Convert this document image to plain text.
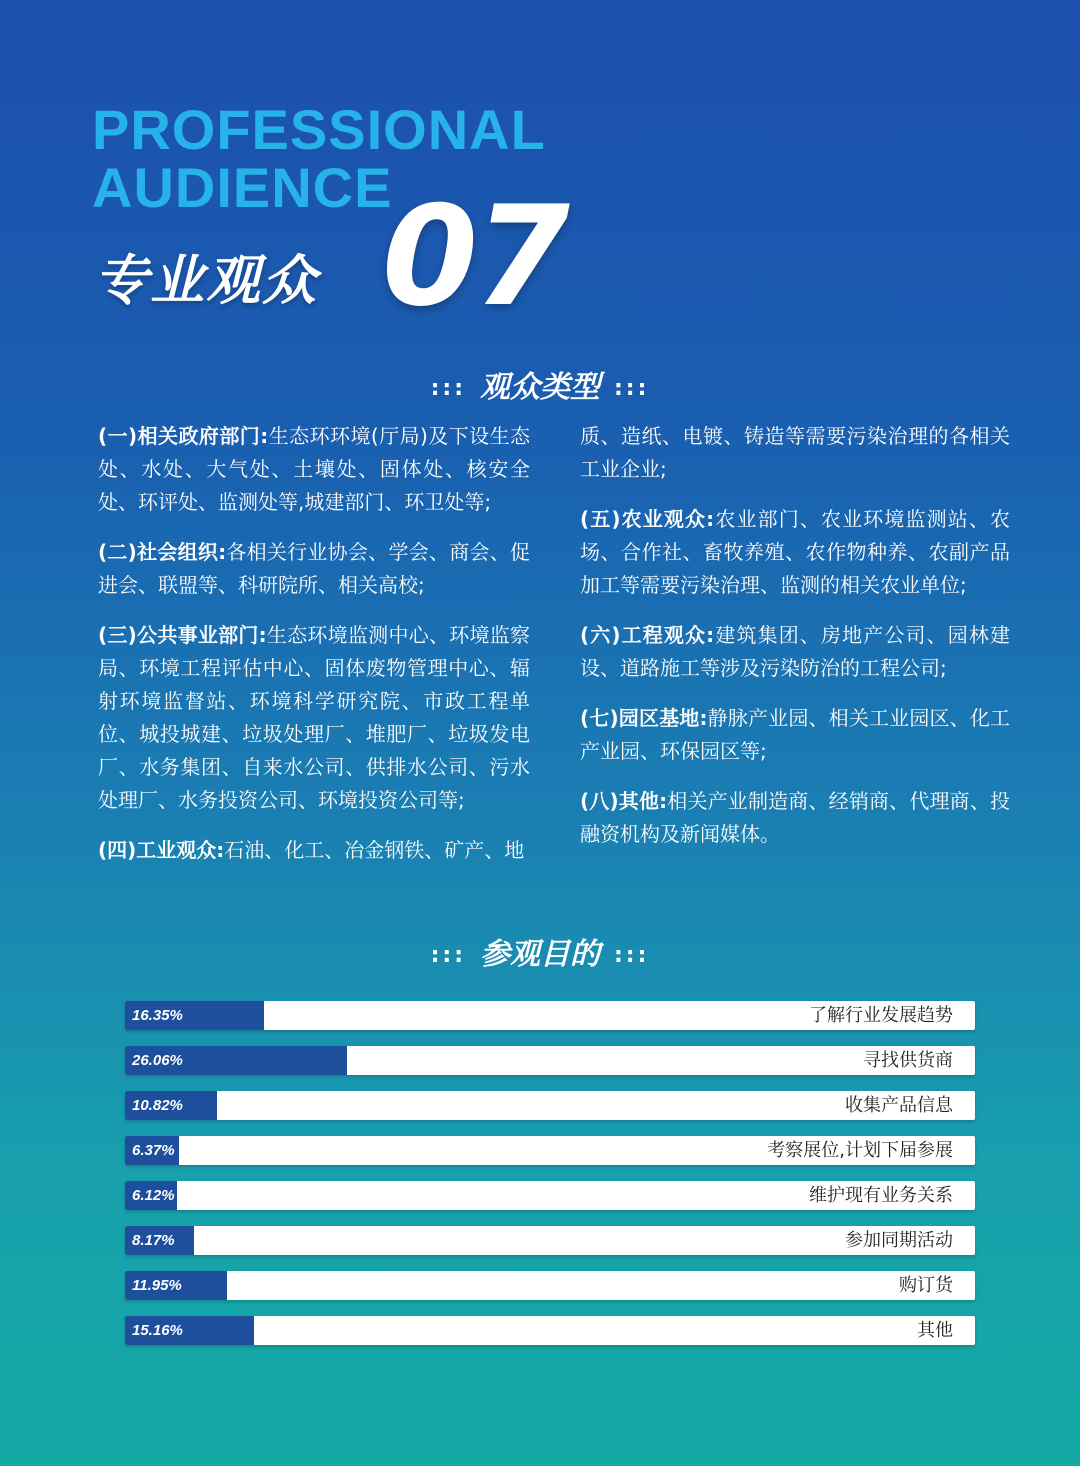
PROFESSIONAL
AUDIENCE
专业观众 07
::: 观众类型 :::
(一)相关政府部门:生态环环境(厅局)及下设生态处、水处、大气处、土壤处、固体处、核安全处、环评处、监测处等,城建部门、环卫处等;
(二)社会组织:各相关行业协会、学会、商会、促进会、联盟等、科研院所、相关高校;
(三)公共事业部门:生态环境监测中心、环境监察局、环境工程评估中心、固体废物管理中心、辐射环境监督站、环境科学研究院、市政工程单位、城投城建、垃圾处理厂、堆肥厂、垃圾发电厂、水务集团、自来水公司、供排水公司、污水处理厂、水务投资公司、环境投资公司等;
(四)工业观众:石油、化工、冶金钢铁、矿产、地
质、造纸、电镀、铸造等需要污染治理的各相关工业企业;
(五)农业观众:农业部门、农业环境监测站、农场、合作社、畜牧养殖、农作物种养、农副产品加工等需要污染治理、监测的相关农业单位;
(六)工程观众:建筑集团、房地产公司、园林建设、道路施工等涉及污染防治的工程公司;
(七)园区基地:静脉产业园、相关工业园区、化工产业园、环保园区等;
(八)其他:相关产业制造商、经销商、代理商、投融资机构及新闻媒体。
::: 参观目的 :::
16.35%	了解行业发展趋势
26.06%	寻找供货商
10.82%	收集产品信息
6.37%	考察展位,计划下届参展
6.12%	维护现有业务关系
8.17%	参加同期活动
11.95%	购订货
15.16%	其他
